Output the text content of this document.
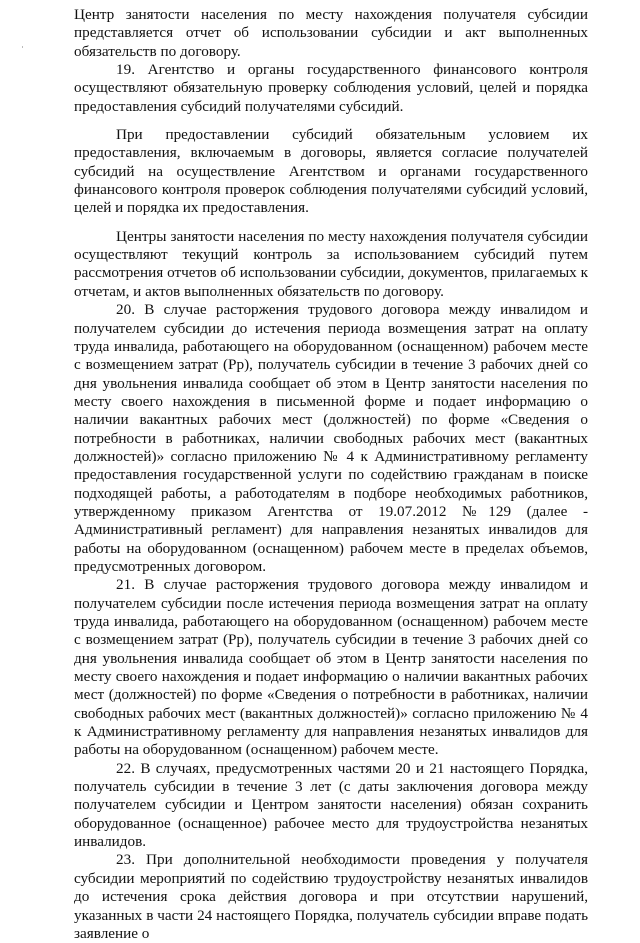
Центр занятости населения по месту нахождения получателя субсидии представляется отчет об использовании субсидии и акт выполненных обязательств по договору.

19. Агентство и органы государственного финансового контроля осуществляют обязательную проверку соблюдения условий, целей и порядка предоставления субсидий получателями субсидий.

При предоставлении субсидий обязательным условием их предоставления, включаемым в договоры, является согласие получателей субсидий на осуществление Агентством и органами государственного финансового контроля проверок соблюдения получателями субсидий условий, целей и порядка их предоставления.

Центры занятости населения по месту нахождения получателя субсидии осуществляют текущий контроль за использованием субсидий путем рассмотрения отчетов об использовании субсидии, документов, прилагаемых к отчетам, и актов выполненных обязательств по договору.

20. В случае расторжения трудового договора между инвалидом и получателем субсидии до истечения периода возмещения затрат на оплату труда инвалида, работающего на оборудованном (оснащенном) рабочем месте с возмещением затрат (Рр), получатель субсидии в течение 3 рабочих дней со дня увольнения инвалида сообщает об этом в Центр занятости населения по месту своего нахождения в письменной форме и подает информацию о наличии вакантных рабочих мест (должностей) по форме «Сведения о потребности в работниках, наличии свободных рабочих мест (вакантных должностей)» согласно приложению № 4 к Административному регламенту предоставления государственной услуги по содействию гражданам в поиске подходящей работы, а работодателям в подборе необходимых работников, утвержденному приказом Агентства от 19.07.2012 №129 (далее - Административный регламент) для направления незанятых инвалидов для работы на оборудованном (оснащенном) рабочем месте в пределах объемов, предусмотренных договором.

21. В случае расторжения трудового договора между инвалидом и получателем субсидии после истечения периода возмещения затрат на оплату труда инвалида, работающего на оборудованном (оснащенном) рабочем месте с возмещением затрат (Рр), получатель субсидии в течение 3 рабочих дней со дня увольнения инвалида сообщает об этом в Центр занятости населения по месту своего нахождения и подает информацию о наличии вакантных рабочих мест (должностей) по форме «Сведения о потребности в работниках, наличии свободных рабочих мест (вакантных должностей)» согласно приложению № 4 к Административному регламенту для направления незанятых инвалидов для работы на оборудованном (оснащенном) рабочем месте.

22. В случаях, предусмотренных частями 20 и 21 настоящего Порядка, получатель субсидии в течение 3 лет (с даты заключения договора между получателем субсидии и Центром занятости населения) обязан сохранить оборудованное (оснащенное) рабочее место для трудоустройства незанятых инвалидов.

23. При дополнительной необходимости проведения у получателя субсидии мероприятий по содействию трудоустройству незанятых инвалидов до истечения срока действия договора и при отсутствии нарушений, указанных в части 24 настоящего Порядка, получатель субсидии вправе подать заявление о
